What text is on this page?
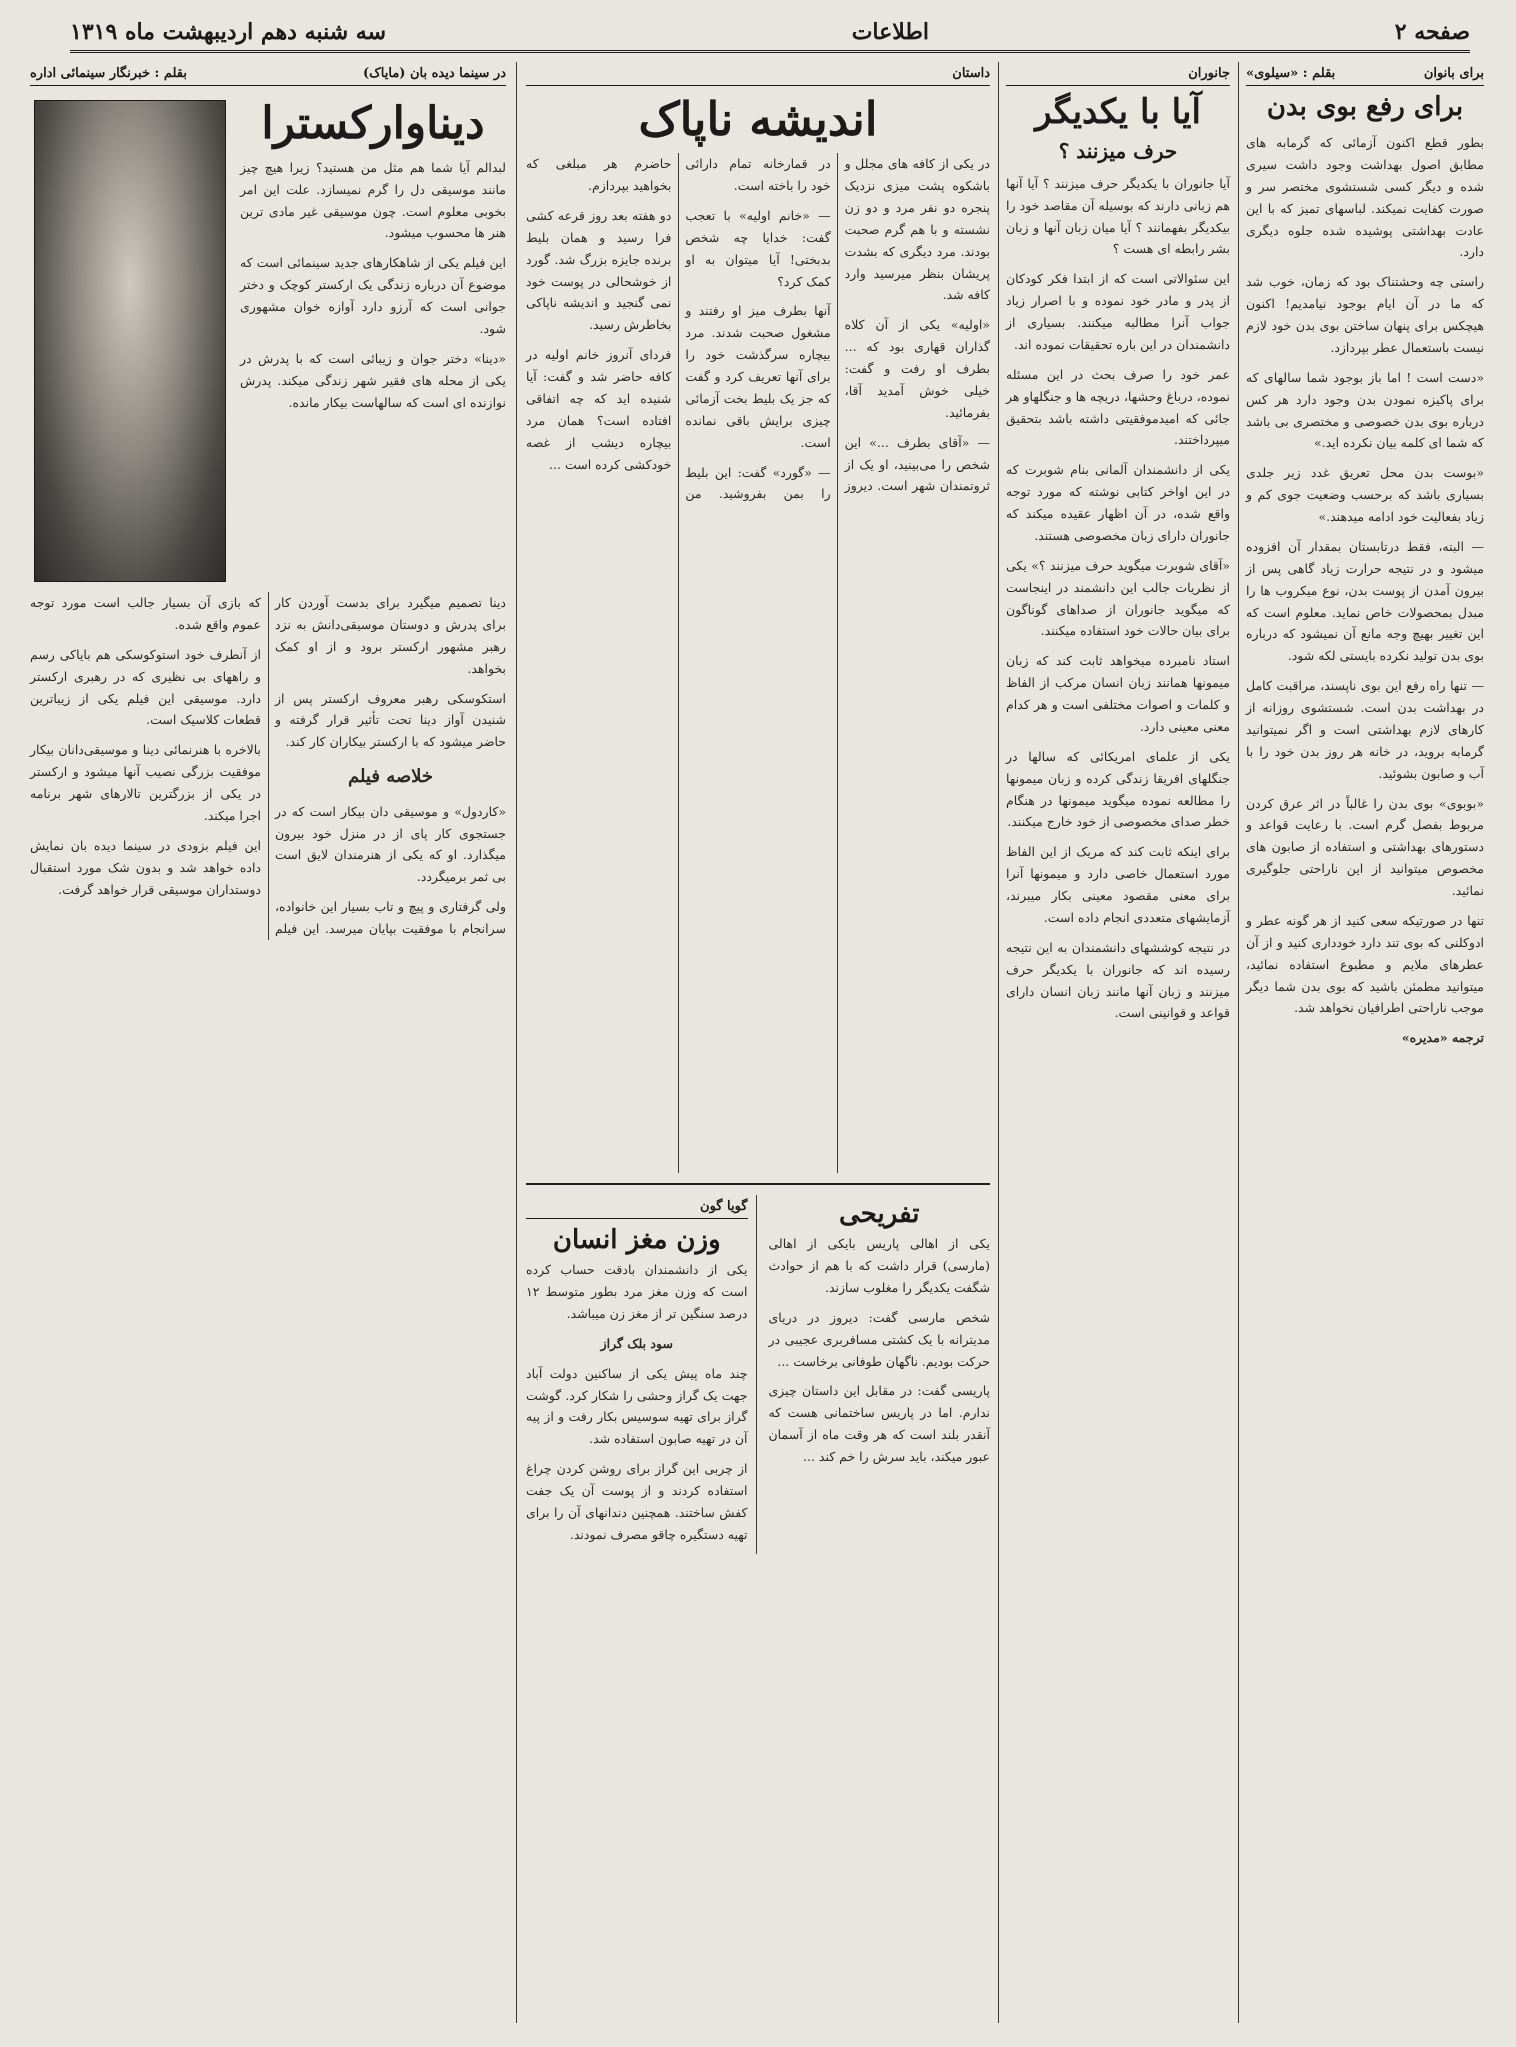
صفحه ۲
اطلاعات
سه شنبه دهم اردیبهشت ماه ۱۳۱۹
برای بانوان
بقلم : «سیلوی»
برای رفع بوی بدن

بطور قطع اکنون آزمائی که گرمابه های مطابق اصول بهداشت وجود داشت سیری شده و دیگر کسی شستشوی مختصر سر و صورت کفایت نمیکند. لباسهای تمیز که با این عادت بهداشتی پوشیده شده جلوه دیگری دارد.

راستی چه وحشتناک بود که زمان، خوب شد که ما در آن ایام بوجود نیامدیم! اکنون هیچکس برای پنهان ساختن بوی بدن خود لازم نیست باستعمال عطر بپردازد.

«دست است ! اما باز بوجود شما سالهای که برای پاکیزه نمودن بدن وجود دارد هر کس درباره بوی بدن خصوصی و مختصری بی باشد که شما ای کلمه بیان نکرده اید.»

«بوست بدن محل تعریق غدد زیر جلدی بسیاری باشد که برحسب وضعیت جوی کم و زیاد بفعالیت خود ادامه میدهند.»

— البته، فقط درتابستان بمقدار آن افزوده میشود و در نتیجه حرارت زیاد گاهی پس از بیرون آمدن از پوست بدن، نوع میکروب ها را مبدل بمحصولات خاص نماید. معلوم است که این تغییر بهیچ وجه مانع آن نمیشود که درباره بوی بدن تولید نکرده بایستی لکه شود.

— تنها راه رفع این بوی ناپسند، مراقبت کامل در بهداشت بدن است. شستشوی روزانه از کارهای لازم بهداشتی است و اگر نمیتوانید گرمابه بروید، در خانه هر روز بدن خود را با آب و صابون بشوئید.

«بوبوی» بوی بدن را غالباً در اثر عرق کردن مربوط بفصل گرم است. با رعایت قواعد و دستورهای بهداشتی و استفاده از صابون های مخصوص میتوانید از این ناراحتی جلوگیری نمائید.

تنها در صورتیکه سعی کنید از هر گونه عطر و ادوکلنی که بوی تند دارد خودداری کنید و از آن عطرهای ملایم و مطبوع استفاده نمائید، میتوانید مطمئن باشید که بوی بدن شما دیگر موجب ناراحتی اطرافیان نخواهد شد.

ترجمه «مدیره»

جانوران
آیا با یکدیگر
حرف میزنند ؟

آیا جانوران با یکدیگر حرف میزنند ؟ آیا آنها هم زبانی دارند که بوسیله آن مقاصد خود را بیکدیگر بفهمانند ؟ آیا میان زبان آنها و زبان بشر رابطه ای هست ؟

این سئوالاتی است که از ابتدا فکر کودکان از پدر و مادر خود نموده و با اصرار زیاد جواب آنرا مطالبه میکنند. بسیاری از دانشمندان در این باره تحقیقات نموده اند.

عمر خود را صرف بحث در این مسئله نموده، درباغ وحشها، دریچه ها و جنگلهاو هر جائی که امیدموفقیتی داشته باشد بتحقیق میپرداختند.

یکی از دانشمندان آلمانی بنام شوبرت که در این اواخر کتابی نوشته که مورد توجه واقع شده، در آن اظهار عقیده میکند که جانوران دارای زبان مخصوصی هستند.

«آقای شوبرت میگوید حرف میزنند ؟» یکی از نظریات جالب این دانشمند در اینجاست که میگوید جانوران از صداهای گوناگون برای بیان حالات خود استفاده میکنند.

استاد نامبرده میخواهد ثابت کند که زبان میمونها همانند زبان انسان مرکب از الفاظ و کلمات و اصوات مختلفی است و هر کدام معنی معینی دارد.

یکی از علمای امریکائی که سالها در جنگلهای افریقا زندگی کرده و زبان میمونها را مطالعه نموده میگوید میمونها در هنگام خطر صدای مخصوصی از خود خارج میکنند.

برای اینکه ثابت کند که مریک از این الفاظ مورد استعمال خاصی دارد و میمونها آنرا برای معنی مقصود معینی بکار میبرند، آزمایشهای متعددی انجام داده است.

در نتیجه کوششهای دانشمندان به این نتیجه رسیده اند که جانوران با یکدیگر حرف میزنند و زبان آنها مانند زبان انسان دارای قواعد و قوانینی است.

داستان
اندیشه ناپاک

در یکی از کافه های مجلل و باشکوه پشت میزی نزدیک پنجره دو نفر مرد و دو زن نشسته و با هم گرم صحبت بودند. مرد دیگری که بشدت پریشان بنظر میرسید وارد کافه شد.

«اولیه» یکی از آن کلاه گذاران قهاری بود که ... بطرف او رفت و گفت: خیلی خوش آمدید آقا، بفرمائید.

— «آقای بطرف ...» این شخص را می‌بینید، او یک از ثروتمندان شهر است. دیروز در قمارخانه تمام دارائی خود را باخته است.

— «خانم اولیه» با تعجب گفت: خدایا چه شخص بدبختی! آیا میتوان به او کمک کرد؟

آنها بطرف میز او رفتند و مشغول صحبت شدند. مرد بیچاره سرگذشت خود را برای آنها تعریف کرد و گفت که جز یک بلیط بخت آزمائی چیزی برایش باقی نمانده است.

— «گورد» گفت: این بلیط را بمن بفروشید. من حاضرم هر مبلغی که بخواهید بپردازم.

دو هفته بعد روز قرعه کشی فرا رسید و همان بلیط برنده جایزه بزرگ شد. گورد از خوشحالی در پوست خود نمی گنجید و اندیشه ناپاکی بخاطرش رسید.

فردای آنروز خانم اولیه در کافه حاضر شد و گفت: آیا شنیده اید که چه اتفاقی افتاده است؟ همان مرد بیچاره دیشب از غصه خودکشی کرده است ...

تفریحی

یکی از اهالی پاریس بایکی از اهالی (مارسی) قرار داشت که با هم از حوادث شگفت یکدیگر را مغلوب سازند.

شخص مارسی گفت: دیروز در دریای مدیترانه با یک کشتی مسافربری عجیبی در حرکت بودیم. ناگهان طوفانی برخاست ...

پاریسی گفت: در مقابل این داستان چیزی ندارم. اما در پاریس ساختمانی هست که آنقدر بلند است که هر وقت ماه از آسمان عبور میکند، باید سرش را خم کند ...

گویا گون
وزن مغز انسان

یکی از دانشمندان بادقت حساب کرده است که وزن مغز مرد بطور متوسط ۱۲ درصد سنگین تر از مغز زن میباشد.

سود بلک گراز

چند ماه پیش یکی از ساکنین دولت آباد جهت یک گراز وحشی را شکار کرد. گوشت گراز برای تهیه سوسیس بکار رفت و از پیه آن در تهیه صابون استفاده شد.

از چربی این گراز برای روشن کردن چراغ استفاده کردند و از پوست آن یک جفت کفش ساختند. همچنین دندانهای آن را برای تهیه دستگیره چاقو مصرف نمودند.

در سینما دیده بان (مایاک)
بقلم : خبرنگار سینمائی اداره
دیناوارکسترا

لبدالم آیا شما هم مثل من هستید؟ زیرا هیچ چیز مانند موسیقی دل را گرم نمیسازد. علت این امر بخوبی معلوم است. چون موسیقی غیر مادی ترین هنر ها محسوب میشود.

این فیلم یکی از شاهکارهای جدید سینمائی است که موضوع آن درباره زندگی یک ارکستر کوچک و دختر جوانی است که آرزو دارد آوازه خوان مشهوری شود.

«دینا» دختر جوان و زیبائی است که با پدرش در یکی از محله های فقیر شهر زندگی میکند. پدرش نوازنده ای است که سالهاست بیکار مانده.

دینا تصمیم میگیرد برای بدست آوردن کار برای پدرش و دوستان موسیقی‌دانش به نزد رهبر مشهور ارکستر برود و از او کمک بخواهد.

استکوسکی رهبر معروف ارکستر پس از شنیدن آواز دینا تحت تأثیر قرار گرفته و حاضر میشود که با ارکستر بیکاران کار کند.

خلاصه فیلم

«کاردول» و موسیقی دان بیکار است که در جستجوی کار پای از در منزل خود بیرون میگذارد. او که یکی از هنرمندان لایق است بی ثمر برمیگردد.

ولی گرفتاری و پیچ و تاب بسیار این خانواده، سرانجام با موفقیت بپایان میرسد. این فیلم که بازی آن بسیار جالب است مورد توجه عموم واقع شده.

از آنطرف خود استوکوسکی هم بایاکی رسم و راههای بی نظیری که در رهبری ارکستر دارد. موسیقی این فیلم یکی از زیباترین قطعات کلاسیک است.

بالاخره با هنرنمائی دینا و موسیقی‌دانان بیکار موفقیت بزرگی نصیب آنها میشود و ارکستر در یکی از بزرگترین تالارهای شهر برنامه اجرا میکند.

این فیلم بزودی در سینما دیده بان نمایش داده خواهد شد و بدون شک مورد استقبال دوستداران موسیقی قرار خواهد گرفت.
